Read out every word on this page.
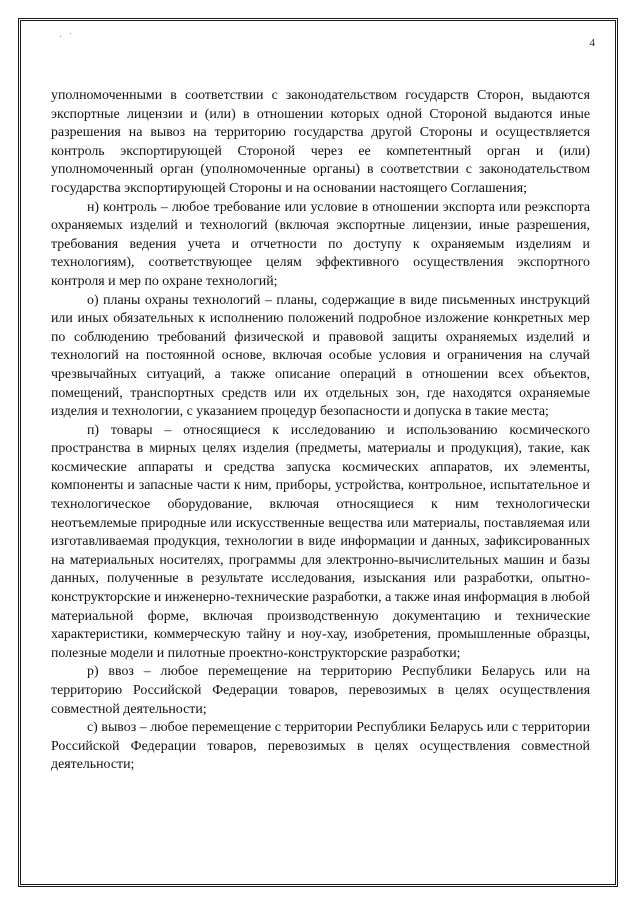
· ˙	4

уполномоченными в соответствии с законодательством государств Сторон, выдаются экспортные лицензии и (или) в отношении которых одной Стороной выдаются иные разрешения на вывоз на территорию государства другой Стороны и осуществляется контроль экспортирующей Стороной через ее компетентный орган и (или) уполномоченный орган (уполномоченные органы) в соответствии с законодательством государства экспортирующей Стороны и на основании настоящего Соглашения;

н) контроль – любое требование или условие в отношении экспорта или реэкспорта охраняемых изделий и технологий (включая экспортные лицензии, иные разрешения, требования ведения учета и отчетности по доступу к охраняемым изделиям и технологиям), соответствующее целям эффективного осуществления экспортного контроля и мер по охране технологий;

о) планы охраны технологий – планы, содержащие в виде письменных инструкций или иных обязательных к исполнению положений подробное изложение конкретных мер по соблюдению требований физической и правовой защиты охраняемых изделий и технологий на постоянной основе, включая особые условия и ограничения на случай чрезвычайных ситуаций, а также описание операций в отношении всех объектов, помещений, транспортных средств или их отдельных зон, где находятся охраняемые изделия и технологии, с указанием процедур безопасности и допуска в такие места;

п) товары – относящиеся к исследованию и использованию космического пространства в мирных целях изделия (предметы, материалы и продукция), такие, как космические аппараты и средства запуска космических аппаратов, их элементы, компоненты и запасные части к ним, приборы, устройства, контрольное, испытательное и технологическое оборудование, включая относящиеся к ним технологически неотъемлемые природные или искусственные вещества или материалы, поставляемая или изготавливаемая продукция, технологии в виде информации и данных, зафиксированных на материальных носителях, программы для электронно-вычислительных машин и базы данных, полученные в результате исследования, изыскания или разработки, опытно-конструкторские и инженерно-технические разработки, а также иная информация в любой материальной форме, включая производственную документацию и технические характеристики, коммерческую тайну и ноу-хау, изобретения, промышленные образцы, полезные модели и пилотные проектно-конструкторские разработки;

р) ввоз – любое перемещение на территорию Республики Беларусь или на территорию Российской Федерации товаров, перевозимых в целях осуществления совместной деятельности;

с) вывоз – любое перемещение с территории Республики Беларусь или с территории Российской Федерации товаров, перевозимых в целях осуществления совместной деятельности;
